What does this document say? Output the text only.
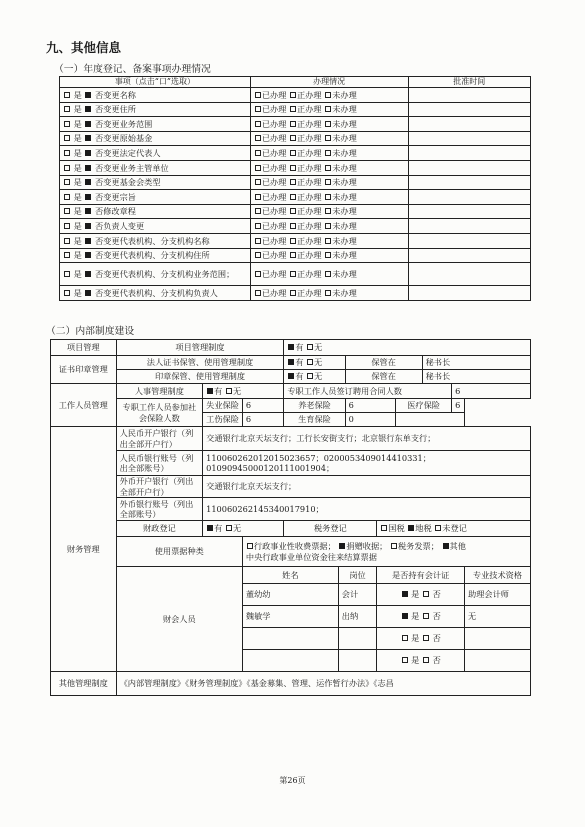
九、其他信息
（一）年度登记、备案事项办理情况
事项（点击“口”选取）	办理情况	批准时间
是 否变更名称	已办理 正办理 未办理	
是 否变更住所	已办理 正办理 未办理	
是 否变更业务范围	已办理 正办理 未办理	
是 否变更原始基金	已办理 正办理 未办理	
是 否变更法定代表人	已办理 正办理 未办理	
是 否变更业务主管单位	已办理 正办理 未办理	
是 否变更基金会类型	已办理 正办理 未办理	
是 否变更宗旨	已办理 正办理 未办理	
是 否修改章程	已办理 正办理 未办理	
是 否负责人变更	已办理 正办理 未办理	
是 否变更代表机构、分支机构名称	已办理 正办理 未办理	
是 否变更代表机构、分支机构住所	已办理 正办理 未办理	
是 否变更代表机构、分支机构业务范围；	已办理 正办理 未办理	
是 否变更代表机构、分支机构负责人	已办理 正办理 未办理	
（二）内部制度建设
项目管理	项目管理制度			有 无							
证书印章管理	法人证书保管、使用管理制度			有 无		保管在			秘书长		
	印章保管、使用管理制度			有 无		保管在			秘书长		
工作人员管理	人事管理制度	有 无		专职工作人员签订聘用合同人数						6	
	专职工作人员参加社会保险人数	失业保险	6	养老保险		6		医疗保险		6	
		工伤保险	6	生育保险		0					
财务管理	人民币开户银行（列出全部开户行）	交通银行北京天坛支行；工行长安街支行；北京银行东单支行；									
	人民币银行账号（列出全部账号）	110060262012015023657；0200053409014410331；
01090945000120111001904；									

	外币开户银行（列出全部开户行）	交通银行北京天坛支行；									
	外币银行账号（列出全部账号）	110060262145340017910；									
	财政登记	有 无		税务登记			国税 地税 未登记				
	使用票据种类		行政事业性收费票据； 捐赠收据； 税务发票； 其他
中央行政事业单位资金往来结算票据								

	财会人员		姓名		岗位		是否持有会计证				专业技术资格
			董幼幼		会计		是 否				助理会计师
			魏敏学		出纳		是 否				无
							是 否				
							是 否				
其他管理制度	《内部管理制度》《财务管理制度》《基金募集、管理、运作暂行办法》《志昌										
第26页
